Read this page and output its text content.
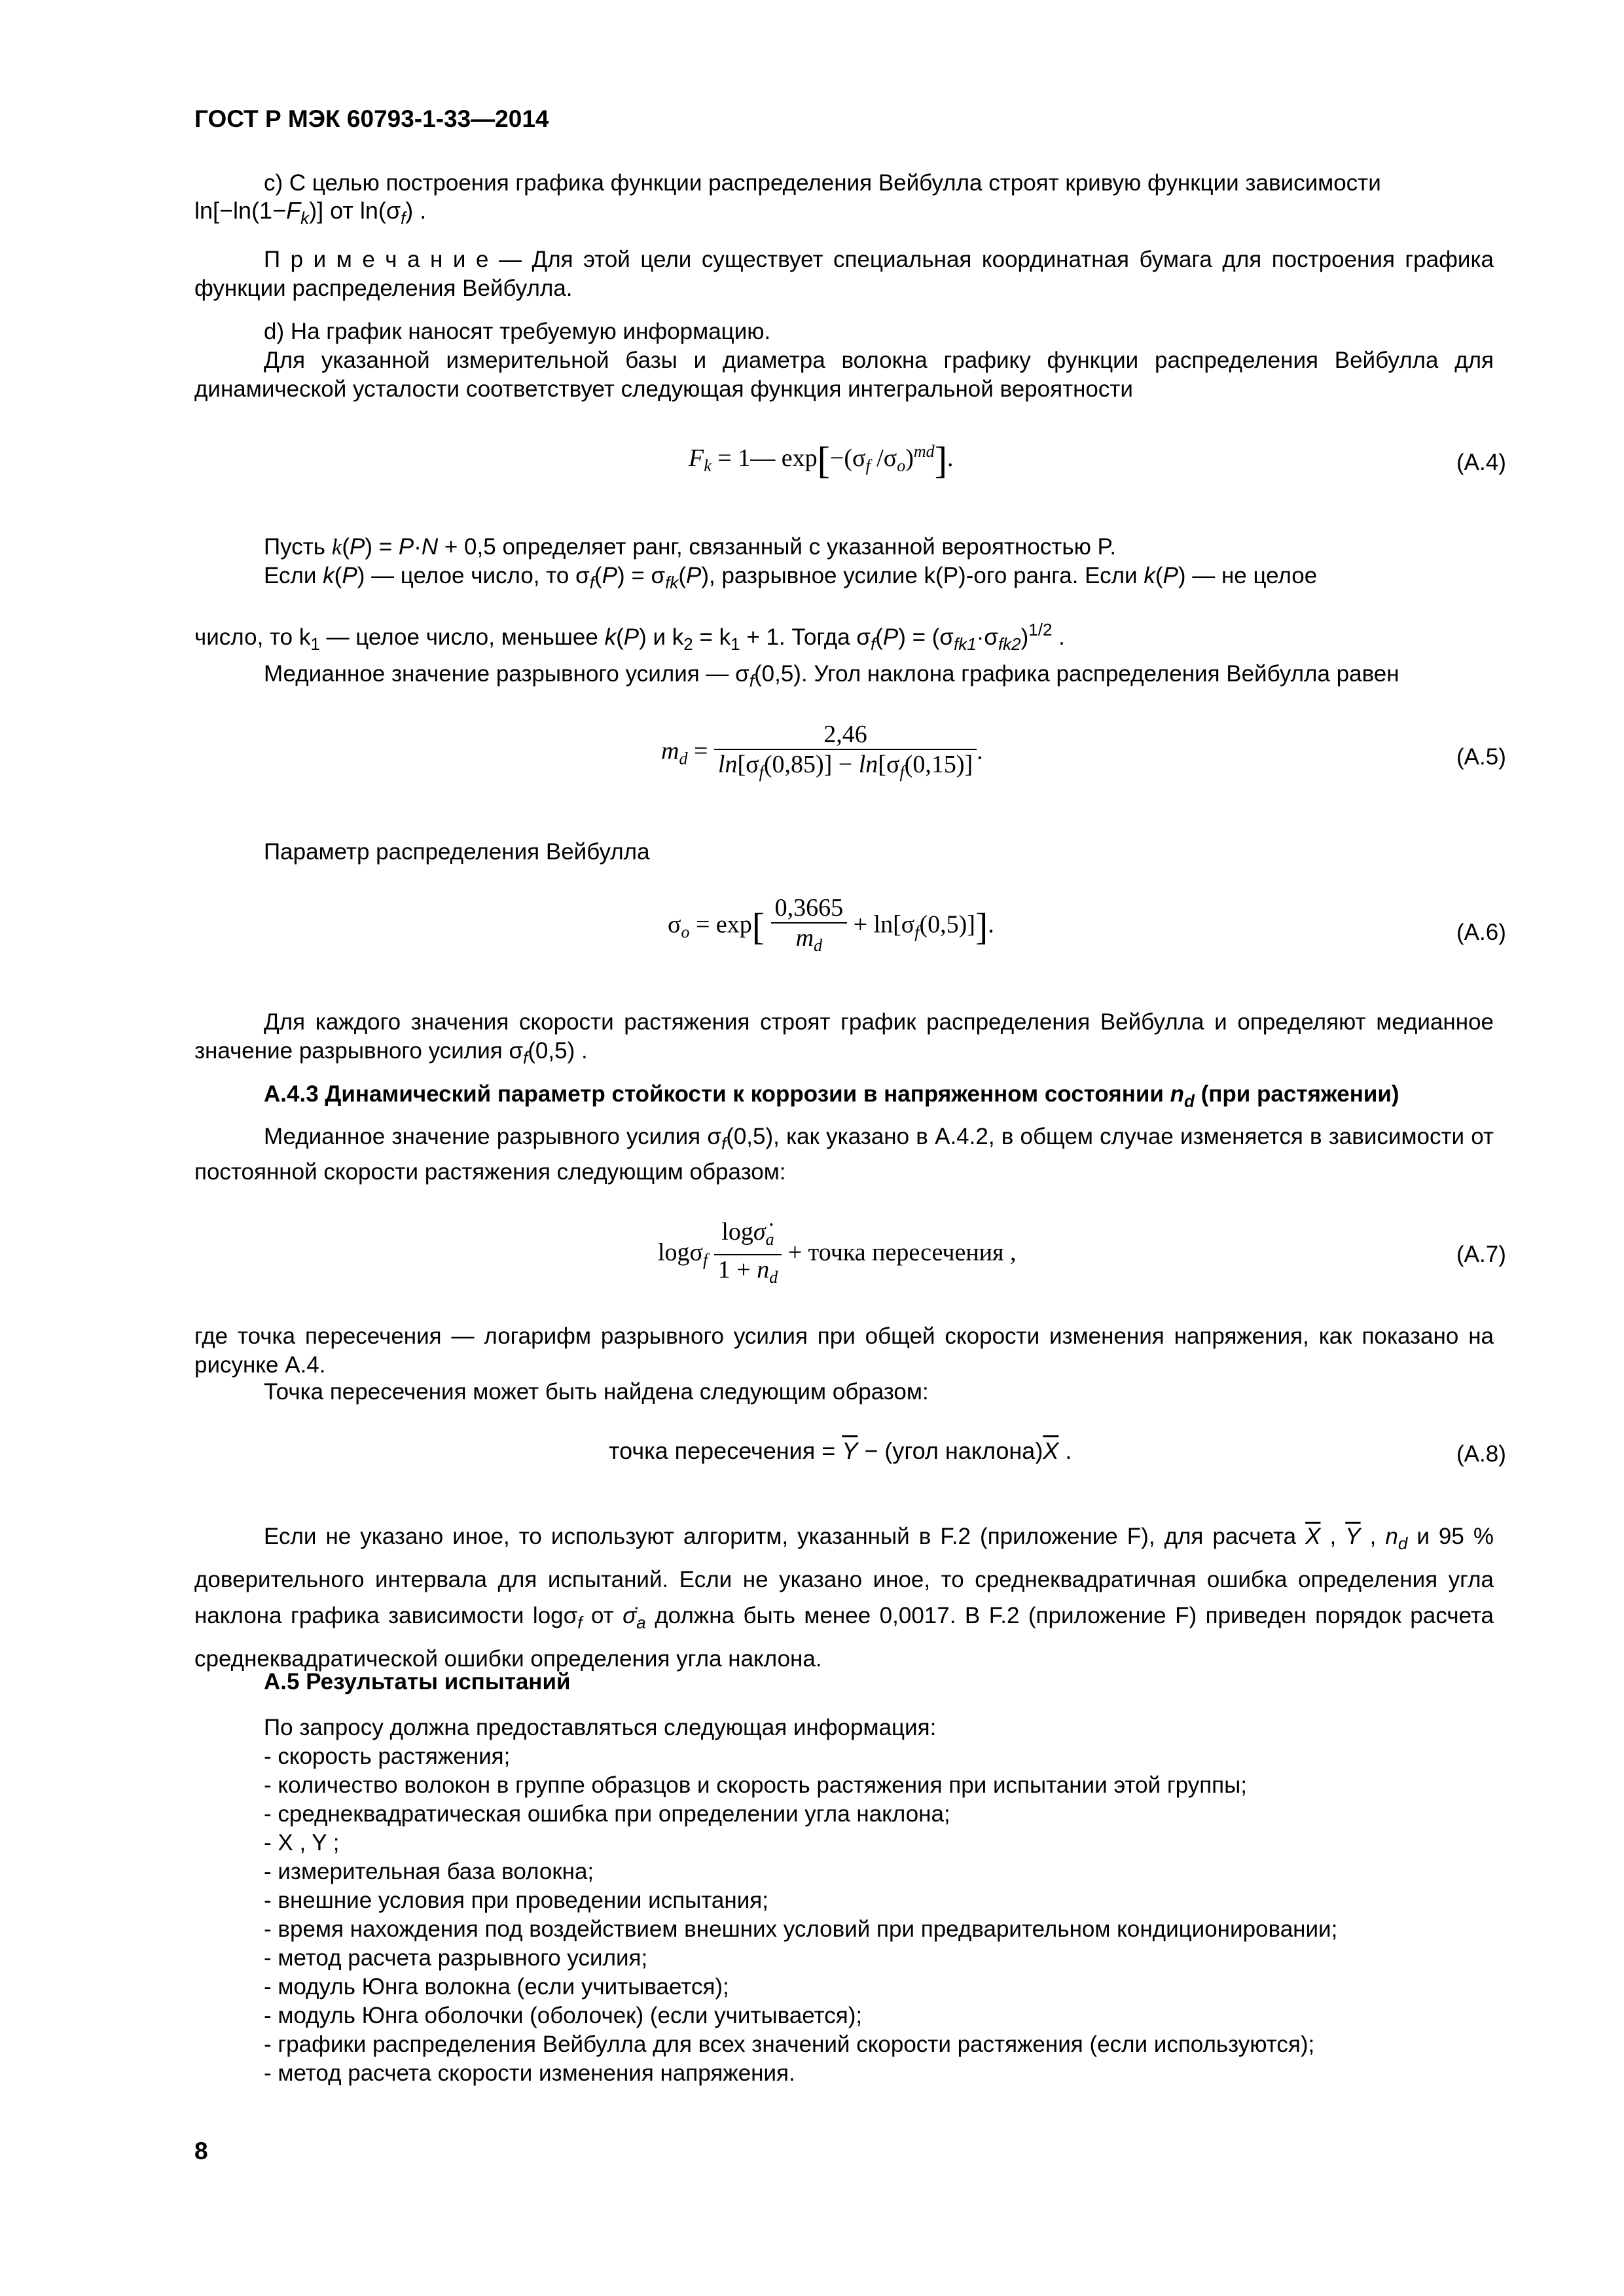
ГОСТ Р МЭК 60793-1-33—2014
c) С целью построения графика функции распределения Вейбулла строят кривую функции зависимости
$\ln[-\ln(1-F_k)]$ от $\ln(\sigma_f)$ .
П р и м е ч а н и е — Для этой цели существует специальная координатная бумага для построения графика функции распределения Вейбулла.
d) На график наносят требуемую информацию.
Для указанной измерительной базы и диаметра волокна графику функции распределения Вейбулла для динамической усталости соответствует следующая функция интегральной вероятности
$F_k$ = 1— $\exp[-(\sigma_f$ $/\sigma_o)^{md}$].	(A.4)
Пусть k(P) = P·N + 0,5 определяет ранг, связанный с указанной вероятностью P.
Если k(P) — целое число, то $\sigma_f(P) = \sigma_{fk}(P)$, разрывное усилие k(P)-ого ранга. Если k(P) — не целое
число, то $k_1$ — целое число, меньшее k(P) и $k_2 = k_1 + 1$. Тогда $\sigma_f(P) = (\sigma_{fk1}\cdot\sigma_{fk2})^{1/2}$ .
Медианное значение разрывного усилия — $\sigma_f(0,5)$. Угол наклона графика распределения Вейбулла равен
$m_d = \frac{2,46}{\ln[\sigma_f(0,85)] - \ln[\sigma_f(0,15)]}$ .	(A.5)
Параметр распределения Вейбулла
$\sigma_o = \exp[ \frac{0,3665}{m_d} + \ln[\sigma_f(0,5)]]$.	(A.6)
Для каждого значения скорости растяжения строят график распределения Вейбулла и определяют медианное значение разрывного усилия $\sigma_f(0,5)$ .
A.4.3 Динамический параметр стойкости к коррозии в напряженном состоянии $n_d$ (при растяжении)
Медианное значение разрывного усилия $\sigma_f(0,5)$, как указано в А.4.2, в общем случае изменяется в зависимости от постоянной скорости растяжения следующим образом:
$\log\sigma_f \frac{\log\sigmȧ_a}{1 + n_d}$ + точка пересечения ,	(A.7)
где точка пересечения — логарифм разрывного усилия при общей скорости изменения напряжения, как показано на рисунке А.4.
Точка пересечения может быть найдена следующим образом:
точка пересечения = $\overline{Y}$ − (угол $наклона)\overline{X}$ .	(A.8)
Если не указано иное, то используют алгоритм, указанный в F.2 (приложение F), для расчета $\overline{X}$ , $\overline{Y}$ , $n_d$ и 95 % доверительного интервала для испытаний. Если не указано иное, то среднеквадратичная ошибка определения угла наклона графика зависимости logσ$_f$ от $\sigmȧ_a$ должна быть менее 0,0017. В F.2 (приложение F) приведен порядок расчета среднеквадратической ошибки определения угла наклона.
A.5 Результаты испытаний
По запросу должна предоставляться следующая информация:
- скорость растяжения;
- количество волокон в группе образцов и скорость растяжения при испытании этой группы;
- среднеквадратическая ошибка при определении угла наклона;
- X , Y ;
- измерительная база волокна;
- внешние условия при проведении испытания;
- время нахождения под воздействием внешних условий при предварительном кондиционировании;
- метод расчета разрывного усилия;
- модуль Юнга волокна (если учитывается);
- модуль Юнга оболочки (оболочек) (если учитывается);
- графики распределения Вейбулла для всех значений скорости растяжения (если используются);
- метод расчета скорости изменения напряжения.
8
